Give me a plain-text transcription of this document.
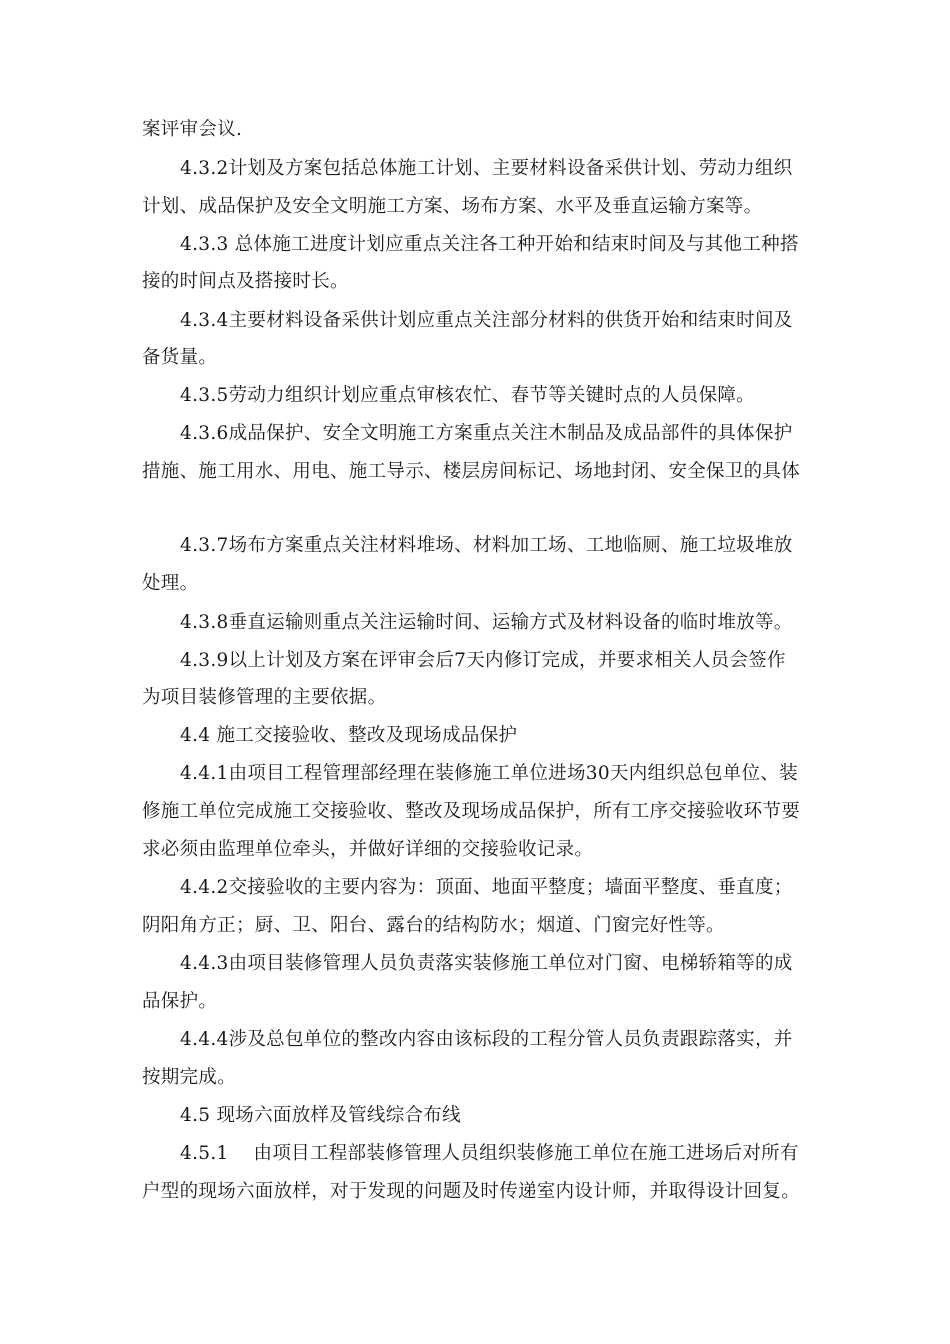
案评审会议.
4.3.2计划及方案包括总体施工计划、主要材料设备采供计划、劳动力组织
计划、成品保护及安全文明施工方案、场布方案、水平及垂直运输方案等。
4.3.3 总体施工进度计划应重点关注各工种开始和结束时间及与其他工种搭
接的时间点及搭接时长。
4.3.4主要材料设备采供计划应重点关注部分材料的供货开始和结束时间及
备货量。
4.3.5劳动力组织计划应重点审核农忙、春节等关键时点的人员保障。
4.3.6成品保护、安全文明施工方案重点关注木制品及成品部件的具体保护
措施、施工用水、用电、施工导示、楼层房间标记、场地封闭、安全保卫的具体
4.3.7场布方案重点关注材料堆场、材料加工场、工地临厕、施工垃圾堆放
处理。
4.3.8垂直运输则重点关注运输时间、运输方式及材料设备的临时堆放等。
4.3.9以上计划及方案在评审会后7天内修订完成，并要求相关人员会签作
为项目装修管理的主要依据。
4.4 施工交接验收、整改及现场成品保护
4.4.1由项目工程管理部经理在装修施工单位进场30天内组织总包单位、装
修施工单位完成施工交接验收、整改及现场成品保护，所有工序交接验收环节要
求必须由监理单位牵头，并做好详细的交接验收记录。
4.4.2交接验收的主要内容为：顶面、地面平整度；墙面平整度、垂直度；
阴阳角方正；厨、卫、阳台、露台的结构防水；烟道、门窗完好性等。
4.4.3由项目装修管理人员负责落实装修施工单位对门窗、电梯轿箱等的成
品保护。
4.4.4涉及总包单位的整改内容由该标段的工程分管人员负责跟踪落实，并
按期完成。
4.5 现场六面放样及管线综合布线
4.5.1　 由项目工程部装修管理人员组织装修施工单位在施工进场后对所有
户型的现场六面放样，对于发现的问题及时传递室内设计师，并取得设计回复。
